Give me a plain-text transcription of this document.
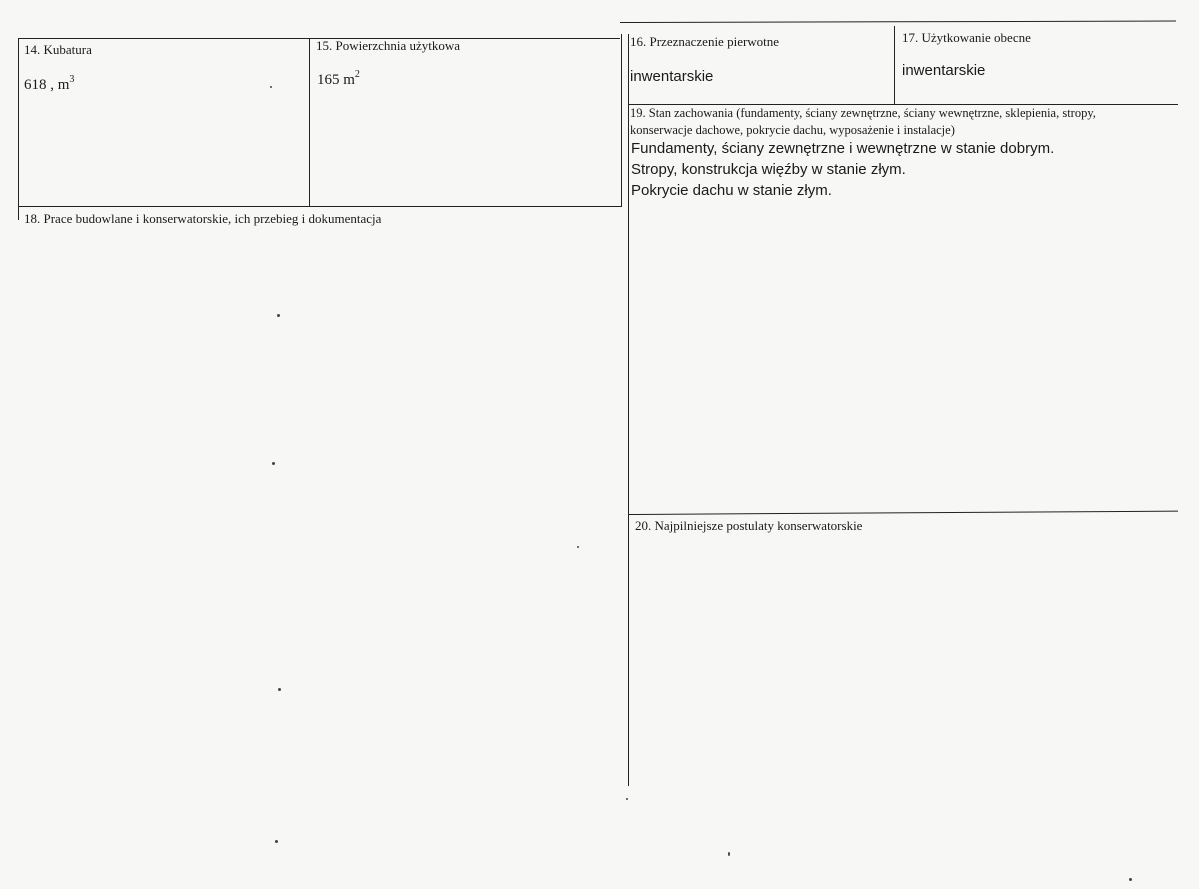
14. Kubatura
618 , $m^3$
15. Powierzchnia użytkowa
165 $m^2$
16. Przeznaczenie pierwotne
inwentarskie
17. Użytkowanie obecne
inwentarskie
19. Stan zachowania (fundamenty, ściany zewnętrzne, ściany wewnętrzne, sklepienia, stropy,
konserwacje dachowe, pokrycie dachu, wyposażenie i instalacje)
Fundamenty, ściany zewnętrzne i wewnętrzne w stanie dobrym.
Stropy, konstrukcja więźby w stanie złym.
Pokrycie dachu w stanie złym.
18. Prace budowlane i konserwatorskie, ich przebieg i dokumentacja
20. Najpilniejsze postulaty konserwatorskie
